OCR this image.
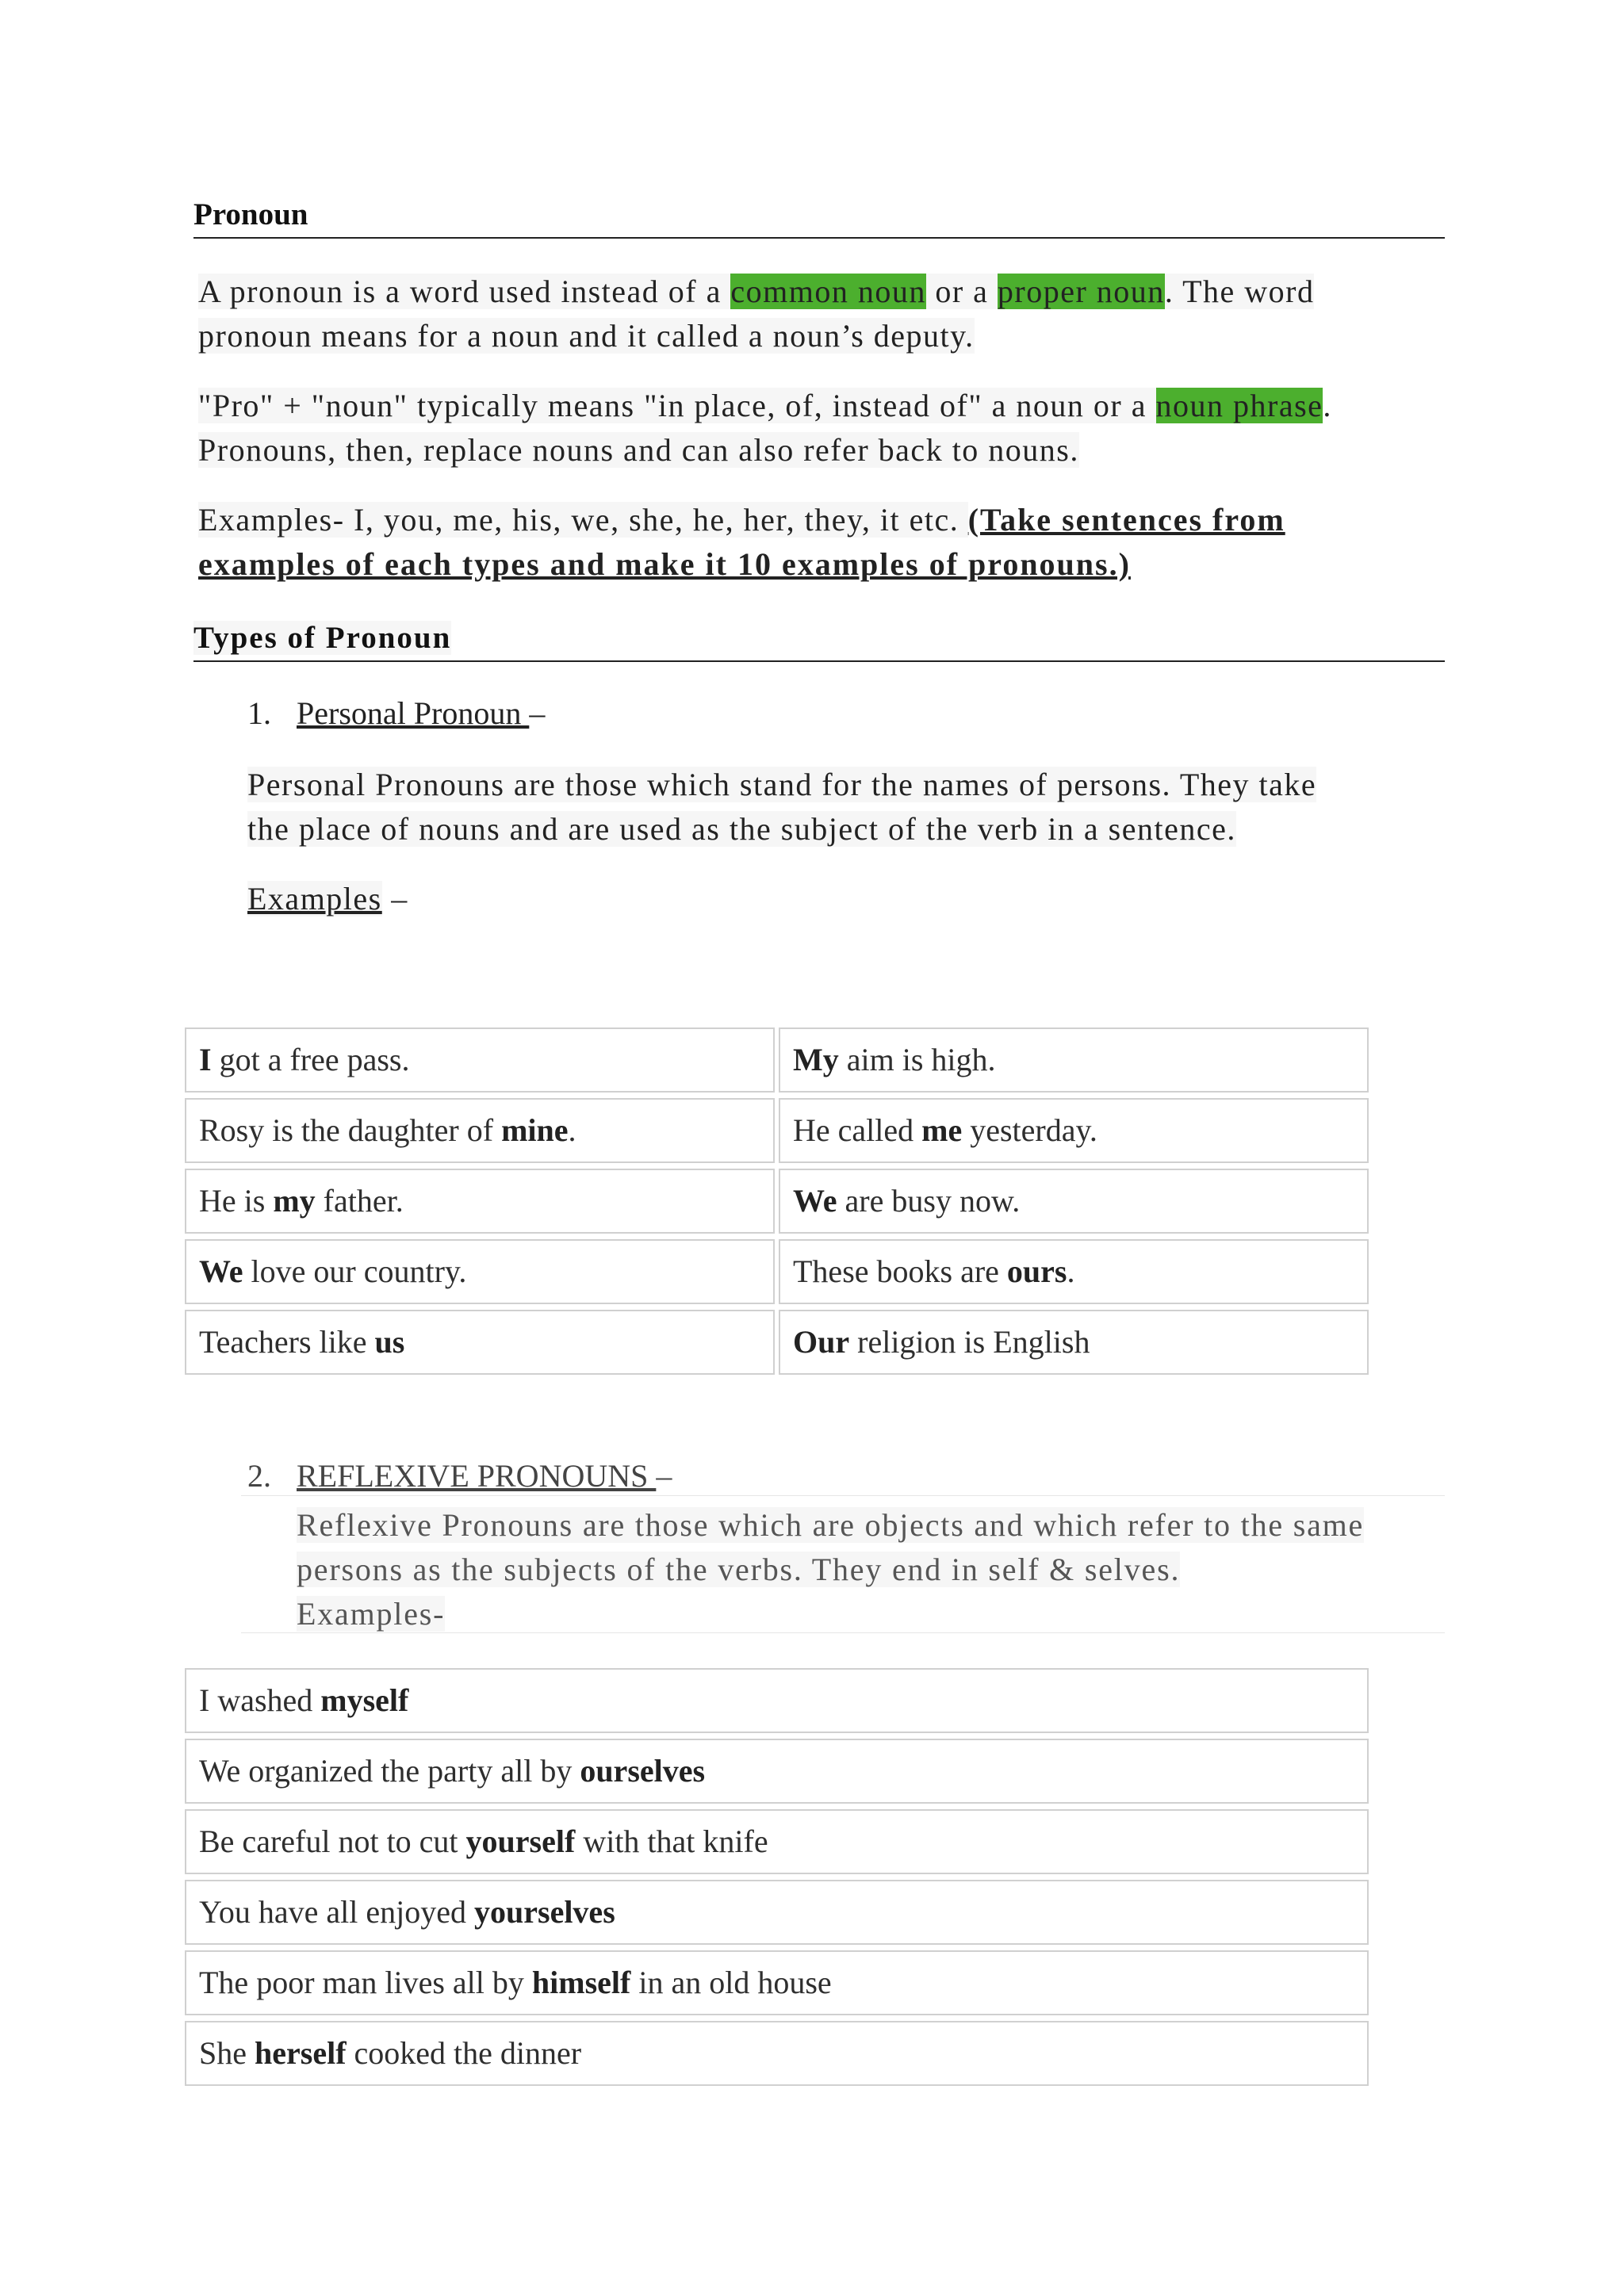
Pronoun
A pronoun is a word used instead of a common noun or a proper noun. The word
pronoun means for a noun and it called a noun’s deputy.
"Pro" + "noun" typically means "in place, of, instead of" a noun or a noun phrase.
Pronouns, then, replace nouns and can also refer back to nouns.
Examples- I, you, me, his, we, she, he, her, they, it etc. (Take sentences from
examples of each types and make it 10 examples of pronouns.)
Types of Pronoun
1. Personal Pronoun –
Personal Pronouns are those which stand for the names of persons. They take
the place of nouns and are used as the subject of the verb in a sentence.
Examples –
I got a free pass.	My aim is high.
Rosy is the daughter of mine.	He called me yesterday.
He is my father.	We are busy now.
We love our country.	These books are ours.
Teachers like us	Our religion is English
2. REFLEXIVE PRONOUNS –
Reflexive Pronouns are those which are objects and which refer to the same
persons as the subjects of the verbs. They end in self & selves.
Examples-
I washed myself
We organized the party all by ourselves
Be careful not to cut yourself with that knife
You have all enjoyed yourselves
The poor man lives all by himself in an old house
She herself cooked the dinner
